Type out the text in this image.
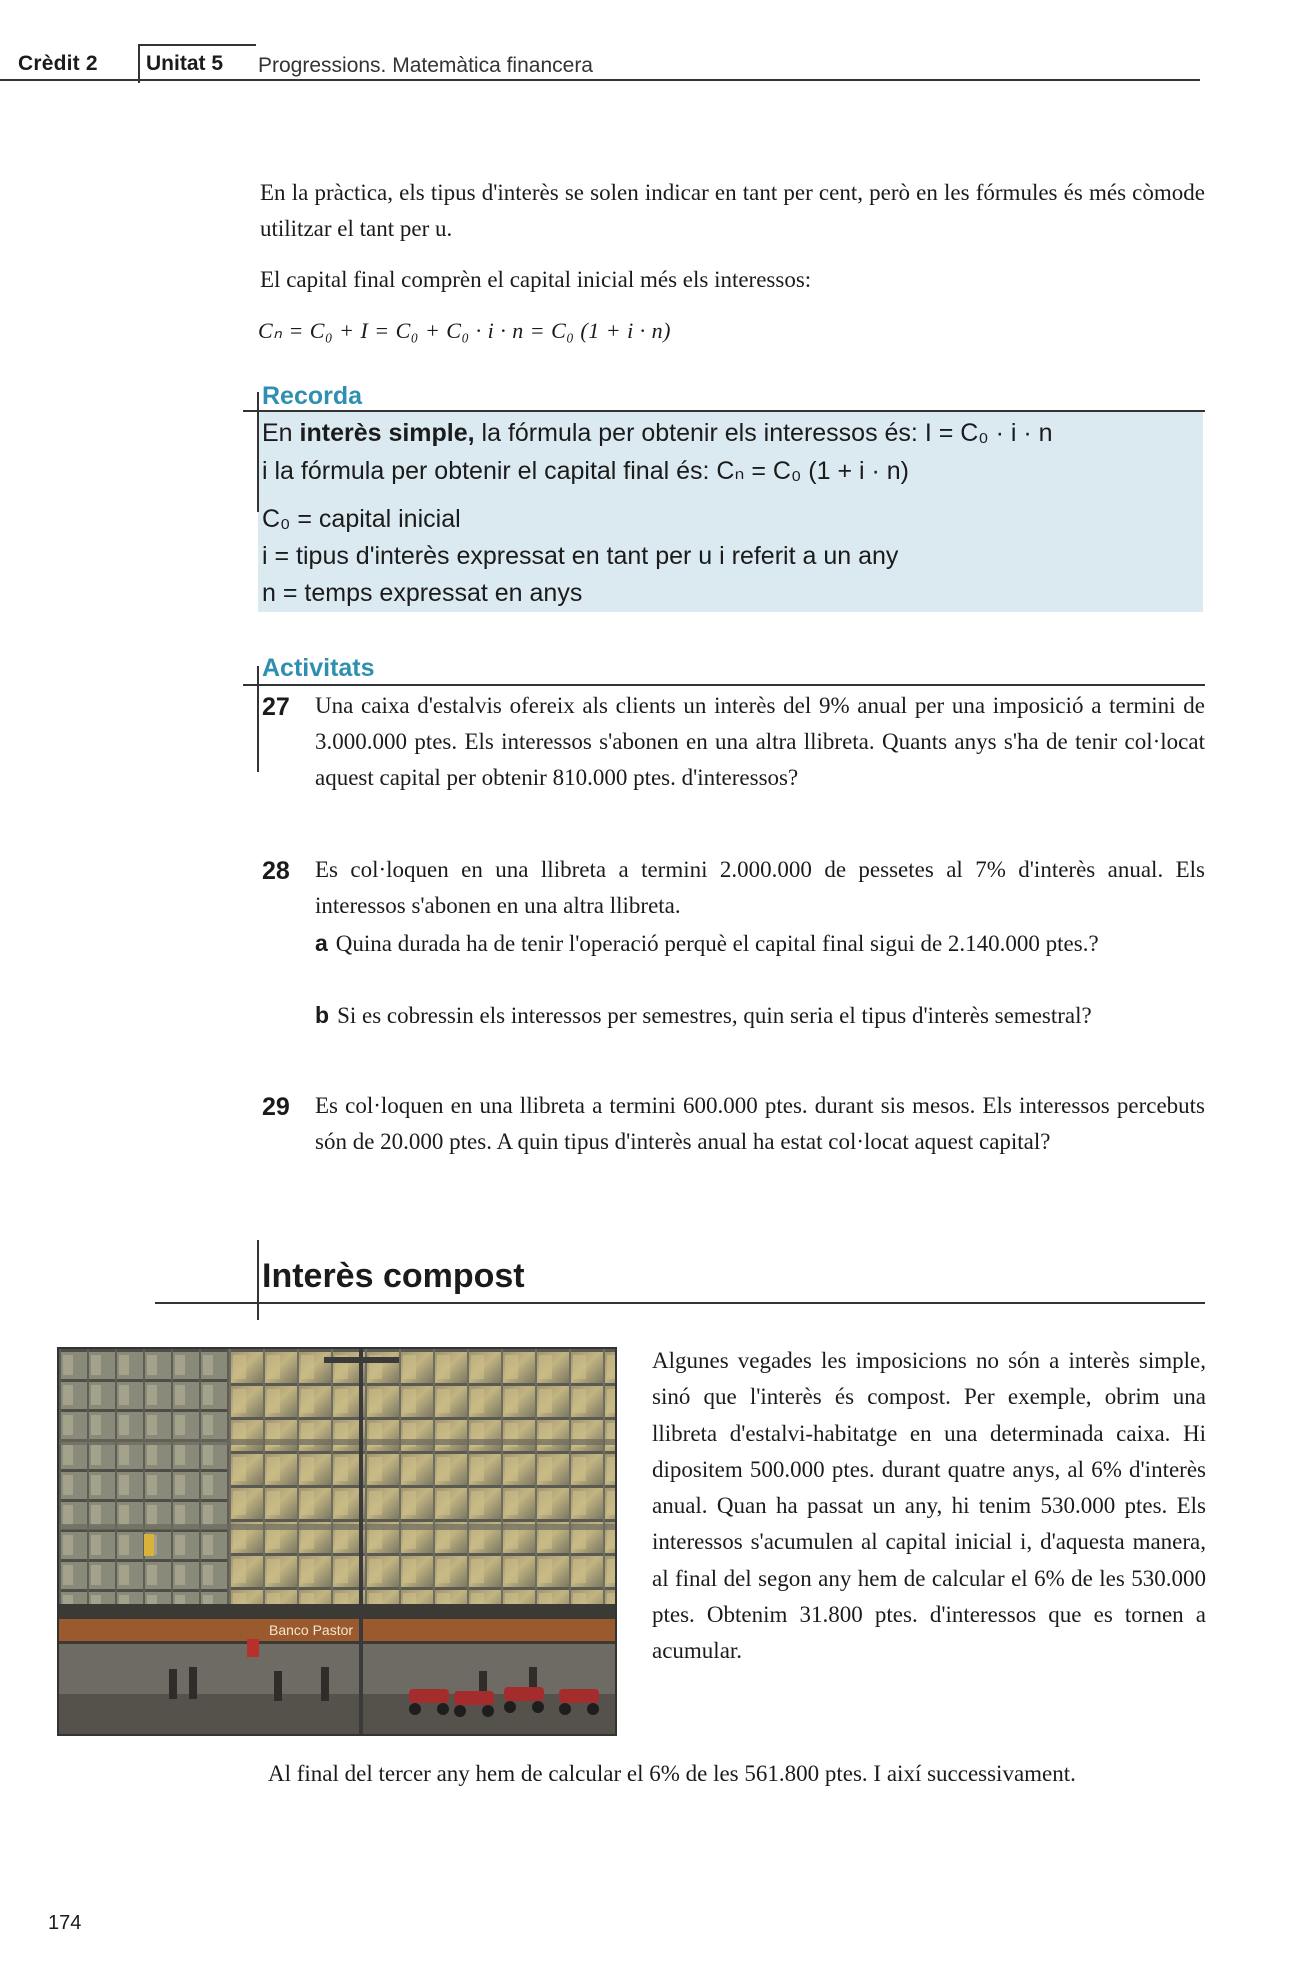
Crèdit 2 Unitat 5 Progressions. Matemàtica financera
En la pràctica, els tipus d'interès se solen indicar en tant per cent, però en les fórmules és més còmode utilitzar el tant per u.
El capital final comprèn el capital inicial més els interessos:
Cₙ = C₀ + I = C₀ + C₀ · i · n = C₀ (1 + i · n)
Recorda
En interès simple, la fórmula per obtenir els interessos és: I = C₀ · i · n
i la fórmula per obtenir el capital final és: Cₙ = C₀ (1 + i · n)
C₀ = capital inicial
i = tipus d'interès expressat en tant per u i referit a un any
n = temps expressat en anys
Activitats
27 Una caixa d'estalvis ofereix als clients un interès del 9% anual per una imposició a termini de 3.000.000 ptes. Els interessos s'abonen en una altra llibreta. Quants anys s'ha de tenir col·locat aquest capital per obtenir 810.000 ptes. d'interessos?
28 Es col·loquen en una llibreta a termini 2.000.000 de pessetes al 7% d'interès anual. Els interessos s'abonen en una altra llibreta.
a Quina durada ha de tenir l'operació perquè el capital final sigui de 2.140.000 ptes.?
b Si es cobressin els interessos per semestres, quin seria el tipus d'interès semestral?
29 Es col·loquen en una llibreta a termini 600.000 ptes. durant sis mesos. Els interessos percebuts són de 20.000 ptes. A quin tipus d'interès anual ha estat col·locat aquest capital?
Interès compost
Banco Pastor
Algunes vegades les imposicions no són a interès simple, sinó que l'interès és compost. Per exemple, obrim una llibreta d'estalvi-habitatge en una determinada caixa. Hi dipositem 500.000 ptes. durant quatre anys, al 6% d'interès anual. Quan ha passat un any, hi tenim 530.000 ptes. Els interessos s'acumulen al capital inicial i, d'aquesta manera, al final del segon any hem de calcular el 6% de les 530.000 ptes. Obtenim 31.800 ptes. d'interessos que es tornen a acumular.
Al final del tercer any hem de calcular el 6% de les 561.800 ptes. I així successivament.
174
